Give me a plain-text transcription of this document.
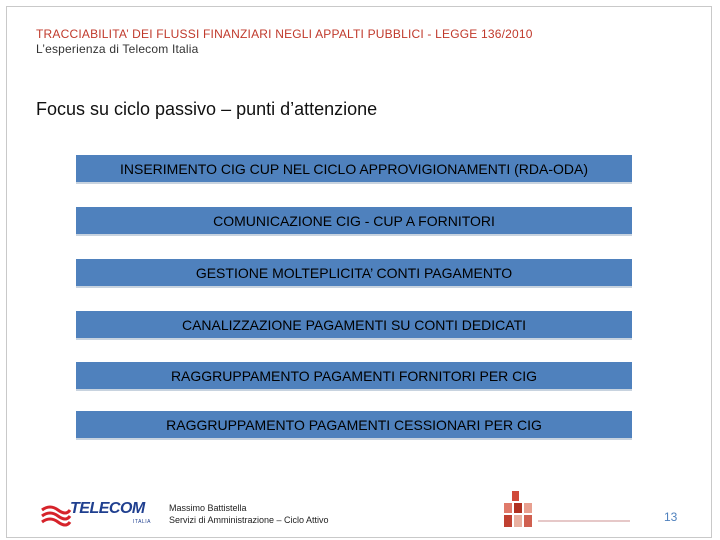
TRACCIABILITA’ DEI FLUSSI FINANZIARI NEGLI APPALTI PUBBLICI - LEGGE 136/2010
L’esperienza di Telecom Italia
Focus su ciclo passivo – punti d’attenzione
INSERIMENTO CIG CUP NEL CICLO APPROVIGIONAMENTI (RDA-ODA)
COMUNICAZIONE CIG - CUP A FORNITORI
GESTIONE MOLTEPLICITA’ CONTI PAGAMENTO
CANALIZZAZIONE PAGAMENTI SU CONTI DEDICATI
RAGGRUPPAMENTO PAGAMENTI FORNITORI PER CIG
RAGGRUPPAMENTO PAGAMENTI CESSIONARI PER CIG
TELECOM
ITALIA
Massimo Battistella
Servizi di Amministrazione – Ciclo Attivo	13
